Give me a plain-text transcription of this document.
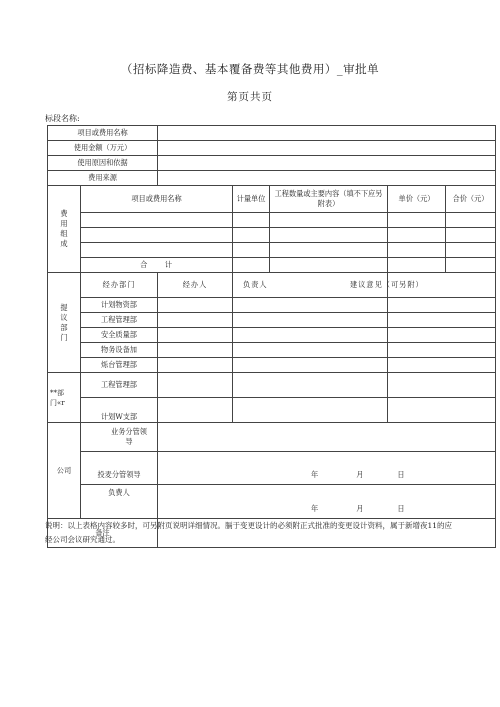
（招标降造费、基本覆备费等其他费用）_审批单
第页共页
标段名称:
项目或费用名称						
使用金额（万元）						
使用原因和依据						
费用来源						

费用组成	项目或费用名称		计量单位	工程数量或主要内容（填不下应另附表）	单价（元）	合价（元）

	合　　计					

提议部门	经办部门	经办人	负责人		建议意见（可另附）	
	计划物资部					
	工程管理部					
	安全质量部					
	物务设备加					
	烁台管理部					
**部门«r	工程管理部					
	计划W支部					
公司	业务分管领导					

	投麦分管领导	年 月 日				
	负费人	年 月 日				
备注						
说明：以上表格内容较多时，可另附页说明详细情况。膈于变更设计的必须附正式批准的变更设计资料，属于新增夜11的应经公司会议研究通过。
